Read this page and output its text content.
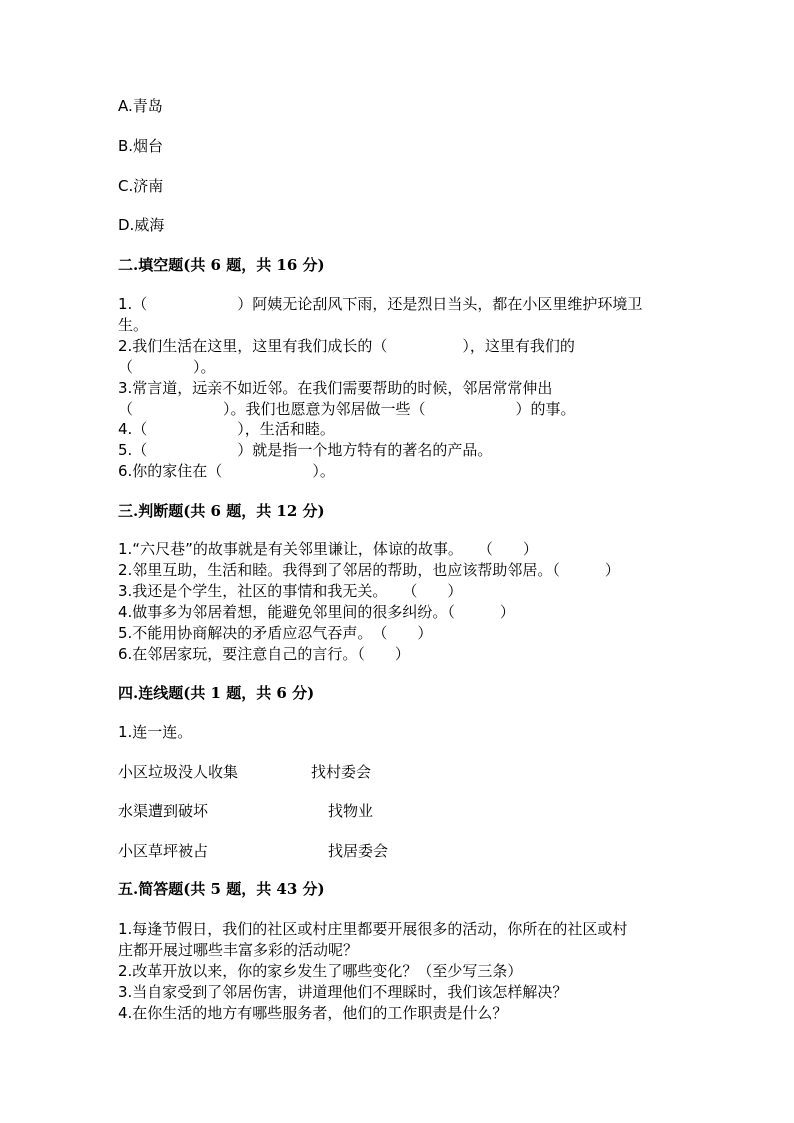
A.青岛
B.烟台
C.济南
D.威海
二.填空题(共 6 题，共 16 分)
1.（　　　　　　）阿姨无论刮风下雨，还是烈日当头，都在小区里维护环境卫
生。
2.我们生活在这里，这里有我们成长的（　　　　　），这里有我们的
（　　　　）。
3.常言道，远亲不如近邻。在我们需要帮助的时候，邻居常常伸出
（　　　　　　）。我们也愿意为邻居做一些（　　　　　　）的事。
4.（　　　　　　），生活和睦。
5.（　　　　　　）就是指一个地方特有的著名的产品。
6.你的家住在（　　　　　　）。
三.判断题(共 6 题，共 12 分)
1.“六尺巷”的故事就是有关邻里谦让，体谅的故事。　　（　　）
2.邻里互助，生活和睦。我得到了邻居的帮助，也应该帮助邻居。（　　　）
3.我还是个学生，社区的事情和我无关。　　（　　）
4.做事多为邻居着想，能避免邻里间的很多纠纷。（　　　）
5.不能用协商解决的矛盾应忍气吞声。　（　　）
6.在邻居家玩，要注意自己的言行。（　　）
四.连线题(共 1 题，共 6 分)
1.连一连。
小区垃圾没人收集	找村委会
水渠遭到破坏	找物业
小区草坪被占	找居委会
五.简答题(共 5 题，共 43 分)
1.每逢节假日，我们的社区或村庄里都要开展很多的活动，你所在的社区或村
庄都开展过哪些丰富多彩的活动呢？
2.改革开放以来，你的家乡发生了哪些变化？（至少写三条）
3.当自家受到了邻居伤害，讲道理他们不理睬时，我们该怎样解决？
4.在你生活的地方有哪些服务者，他们的工作职责是什么？
